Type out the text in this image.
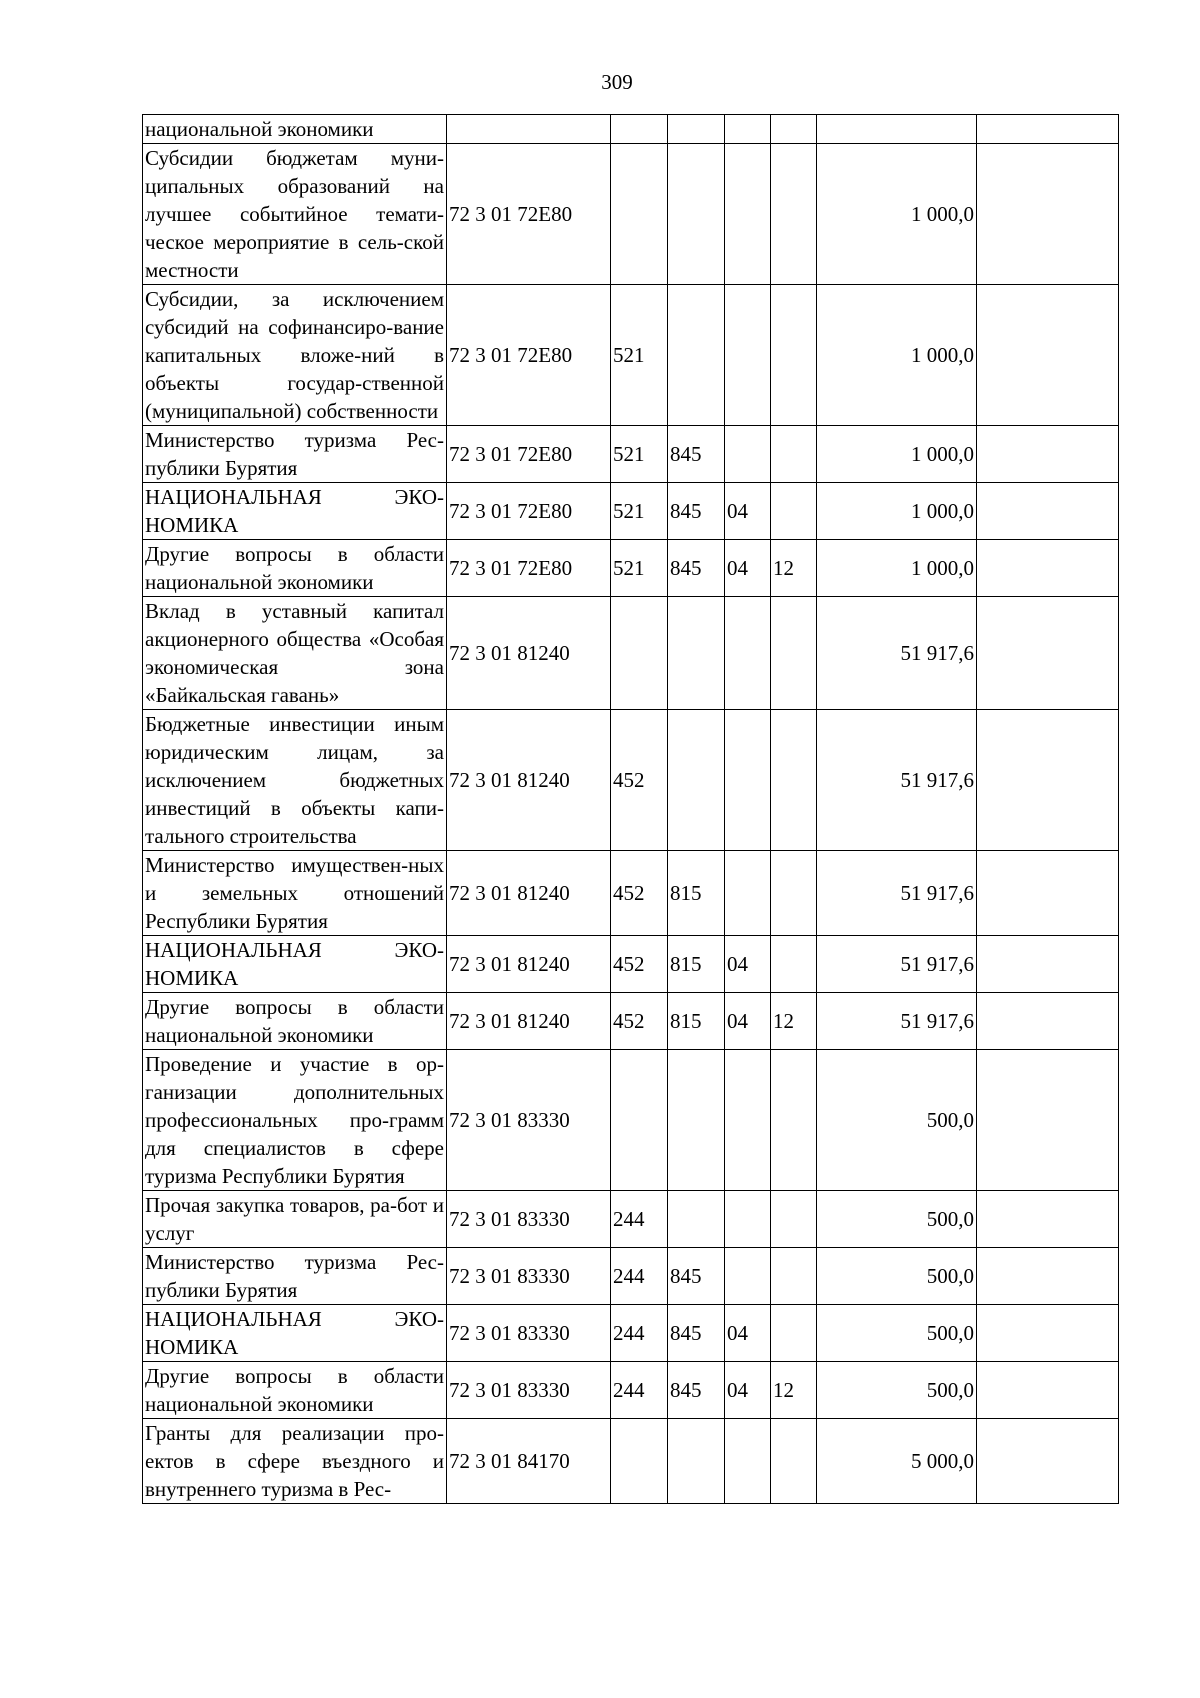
309
национальной экономики							
Субсидии бюджетам муни-ципальных образований на лучшее событийное темати-ческое мероприятие в сель-ской местности	72 3 01 72Е80					1 000,0	
Субсидии, за исключением субсидий на софинансиро-вание капитальных вложе-ний в объекты государ-ственной (муниципальной) собственности	72 3 01 72Е80	521				1 000,0	
Министерство туризма Рес-публики Бурятия	72 3 01 72Е80	521	845			1 000,0	
НАЦИОНАЛЬНАЯ ЭКО-НОМИКА	72 3 01 72Е80	521	845	04		1 000,0	
Другие вопросы в области национальной экономики	72 3 01 72Е80	521	845	04	12	1 000,0	
Вклад в уставный капитал акционерного общества «Особая экономическая зона «Байкальская гавань»	72 3 01 81240					51 917,6	
Бюджетные инвестиции иным юридическим лицам, за исключением бюджетных инвестиций в объекты капи-тального строительства	72 3 01 81240	452				51 917,6	
Министерство имуществен-ных и земельных отношений Республики Бурятия	72 3 01 81240	452	815			51 917,6	
НАЦИОНАЛЬНАЯ ЭКО-НОМИКА	72 3 01 81240	452	815	04		51 917,6	
Другие вопросы в области национальной экономики	72 3 01 81240	452	815	04	12	51 917,6	
Проведение и участие в ор-ганизации дополнительных профессиональных про-грамм для специалистов в сфере туризма Республики Бурятия	72 3 01 83330					500,0	
Прочая закупка товаров, ра-бот и услуг	72 3 01 83330	244				500,0	
Министерство туризма Рес-публики Бурятия	72 3 01 83330	244	845			500,0	
НАЦИОНАЛЬНАЯ ЭКО-НОМИКА	72 3 01 83330	244	845	04		500,0	
Другие вопросы в области национальной экономики	72 3 01 83330	244	845	04	12	500,0	
Гранты для реализации про-ектов в сфере въездного и внутреннего туризма в Рес-	72 3 01 84170					5 000,0	
